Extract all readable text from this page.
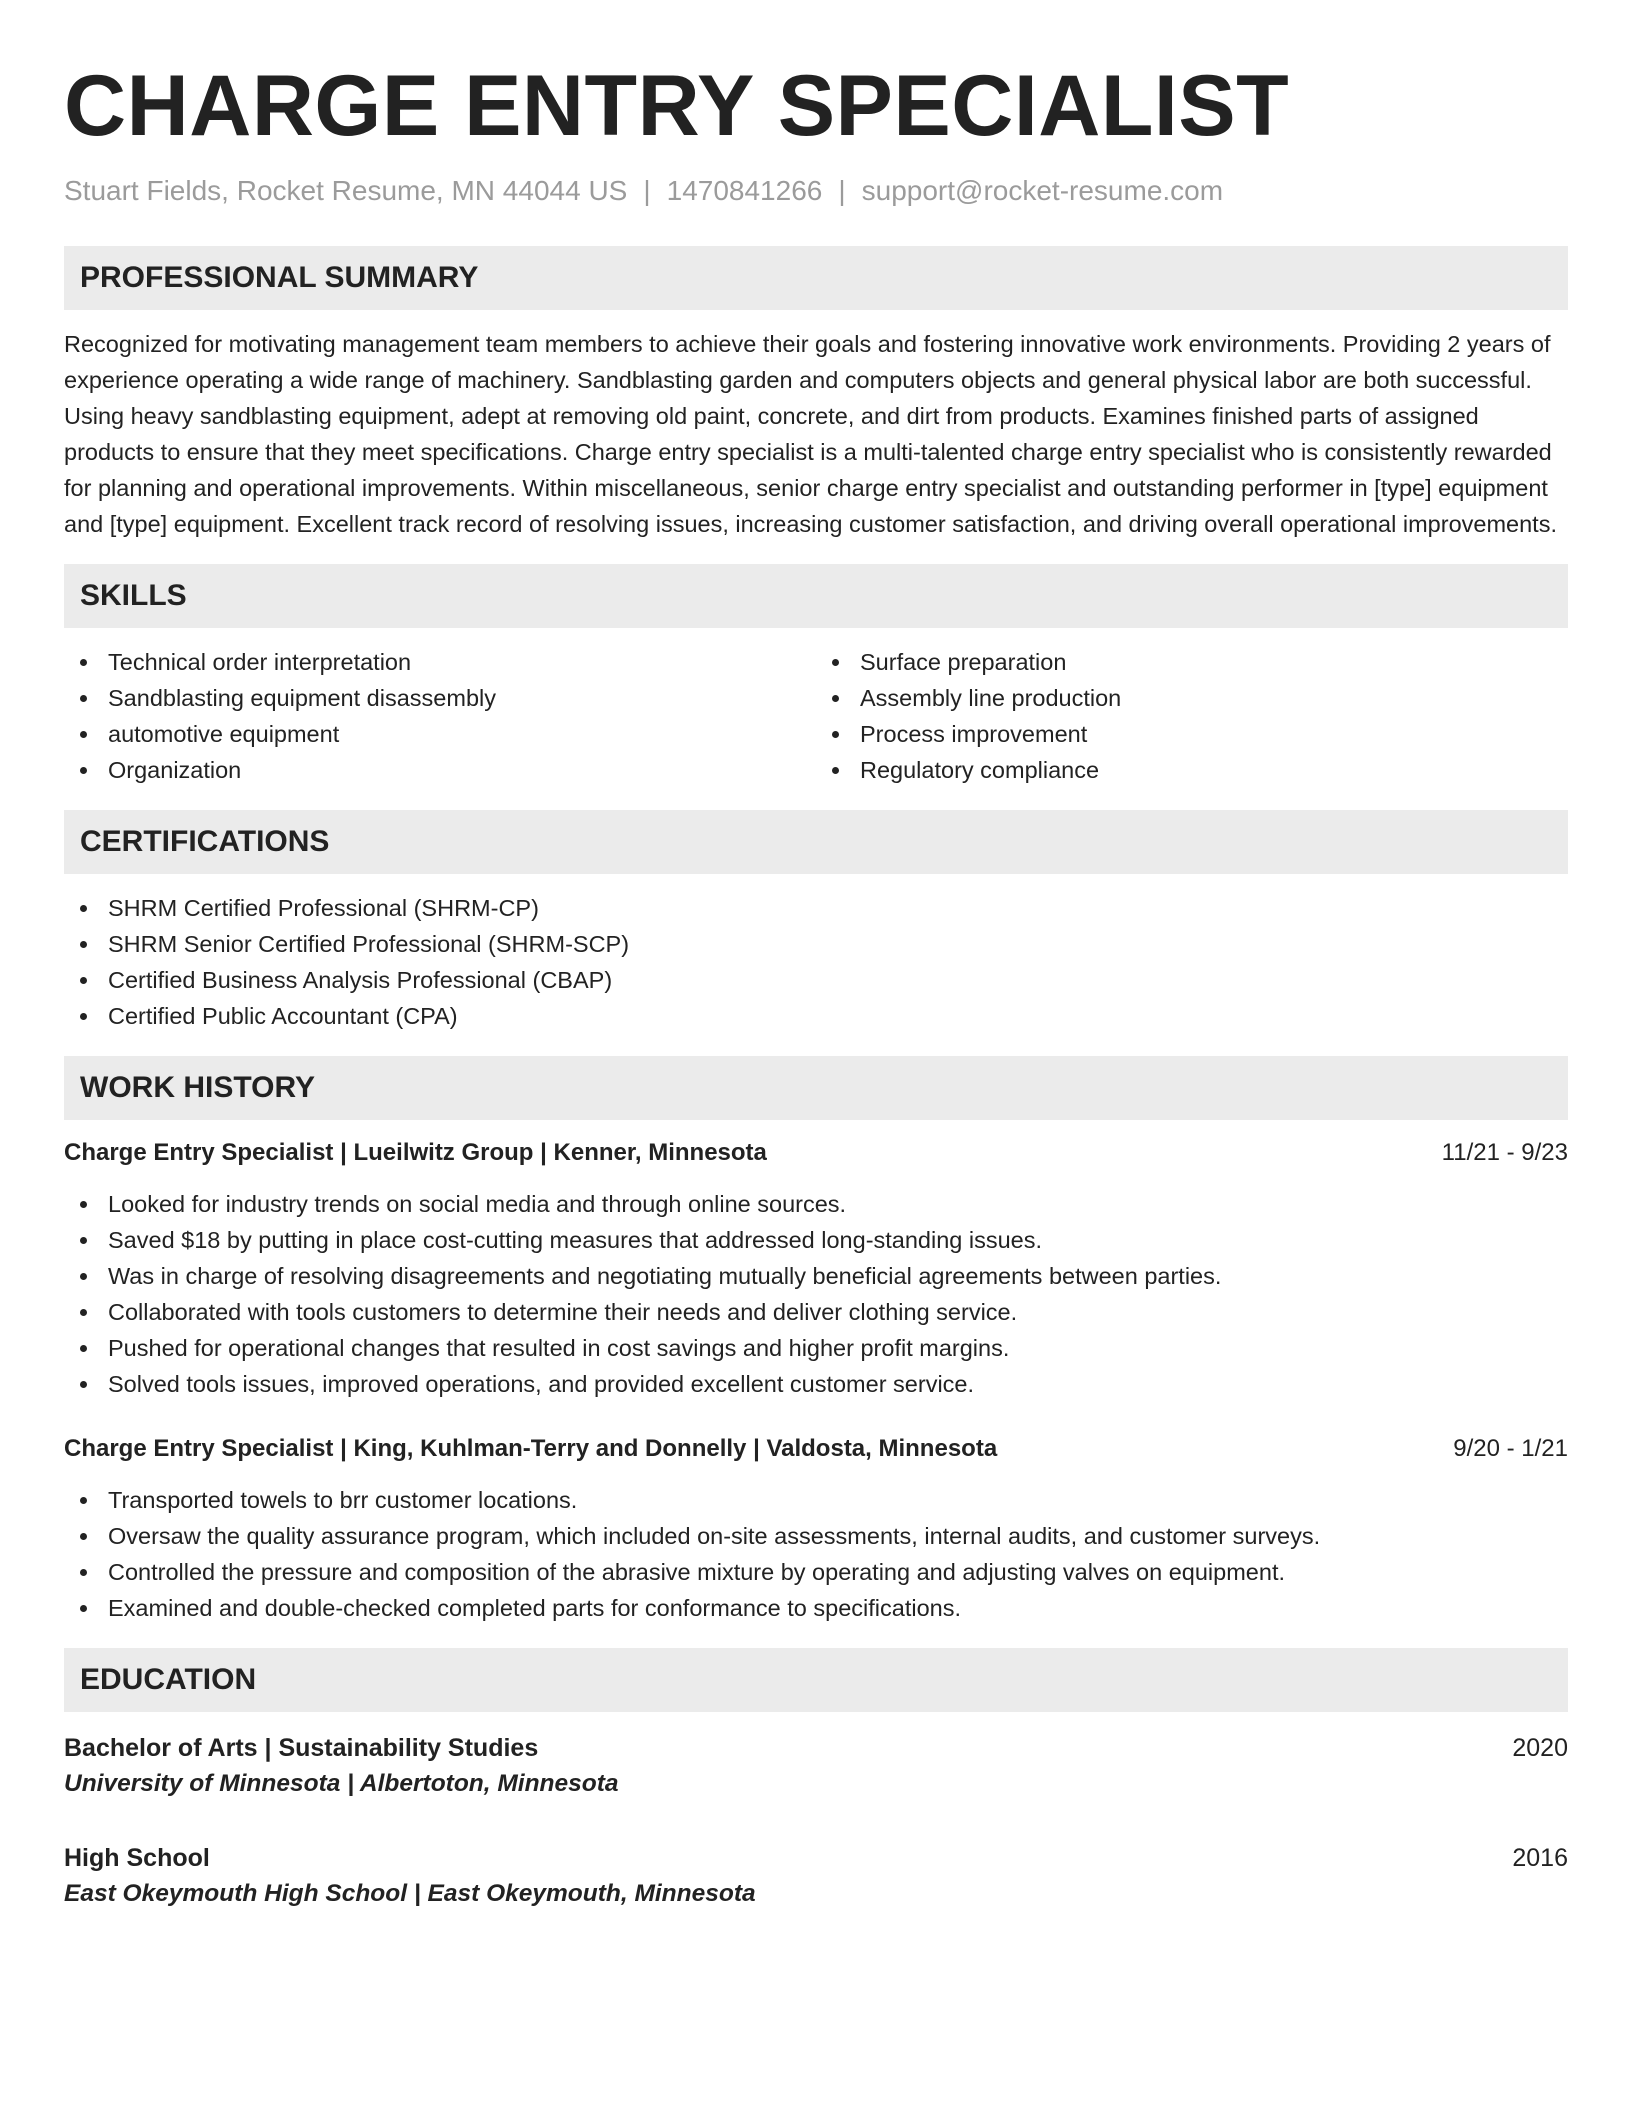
CHARGE ENTRY SPECIALIST
Stuart Fields, Rocket Resume, MN 44044 US | 1470841266 | support@rocket-resume.com
PROFESSIONAL SUMMARY
Recognized for motivating management team members to achieve their goals and fostering innovative work environments. Providing 2 years of experience operating a wide range of machinery. Sandblasting garden and computers objects and general physical labor are both successful. Using heavy sandblasting equipment, adept at removing old paint, concrete, and dirt from products. Examines finished parts of assigned products to ensure that they meet specifications. Charge entry specialist is a multi-talented charge entry specialist who is consistently rewarded for planning and operational improvements. Within miscellaneous, senior charge entry specialist and outstanding performer in [type] equipment and [type] equipment. Excellent track record of resolving issues, increasing customer satisfaction, and driving overall operational improvements.
SKILLS
Technical order interpretation
Sandblasting equipment disassembly
automotive equipment
Organization
Surface preparation
Assembly line production
Process improvement
Regulatory compliance
CERTIFICATIONS
SHRM Certified Professional (SHRM-CP)
SHRM Senior Certified Professional (SHRM-SCP)
Certified Business Analysis Professional (CBAP)
Certified Public Accountant (CPA)
WORK HISTORY
Charge Entry Specialist | Lueilwitz Group | Kenner, Minnesota	11/21 - 9/23
Looked for industry trends on social media and through online sources.
Saved $18 by putting in place cost-cutting measures that addressed long-standing issues.
Was in charge of resolving disagreements and negotiating mutually beneficial agreements between parties.
Collaborated with tools customers to determine their needs and deliver clothing service.
Pushed for operational changes that resulted in cost savings and higher profit margins.
Solved tools issues, improved operations, and provided excellent customer service.
Charge Entry Specialist | King, Kuhlman-Terry and Donnelly | Valdosta, Minnesota	9/20 - 1/21
Transported towels to brr customer locations.
Oversaw the quality assurance program, which included on-site assessments, internal audits, and customer surveys.
Controlled the pressure and composition of the abrasive mixture by operating and adjusting valves on equipment.
Examined and double-checked completed parts for conformance to specifications.
EDUCATION
Bachelor of Arts | Sustainability Studies	2020
University of Minnesota | Albertoton, Minnesota
High School	2016
East Okeymouth High School | East Okeymouth, Minnesota
